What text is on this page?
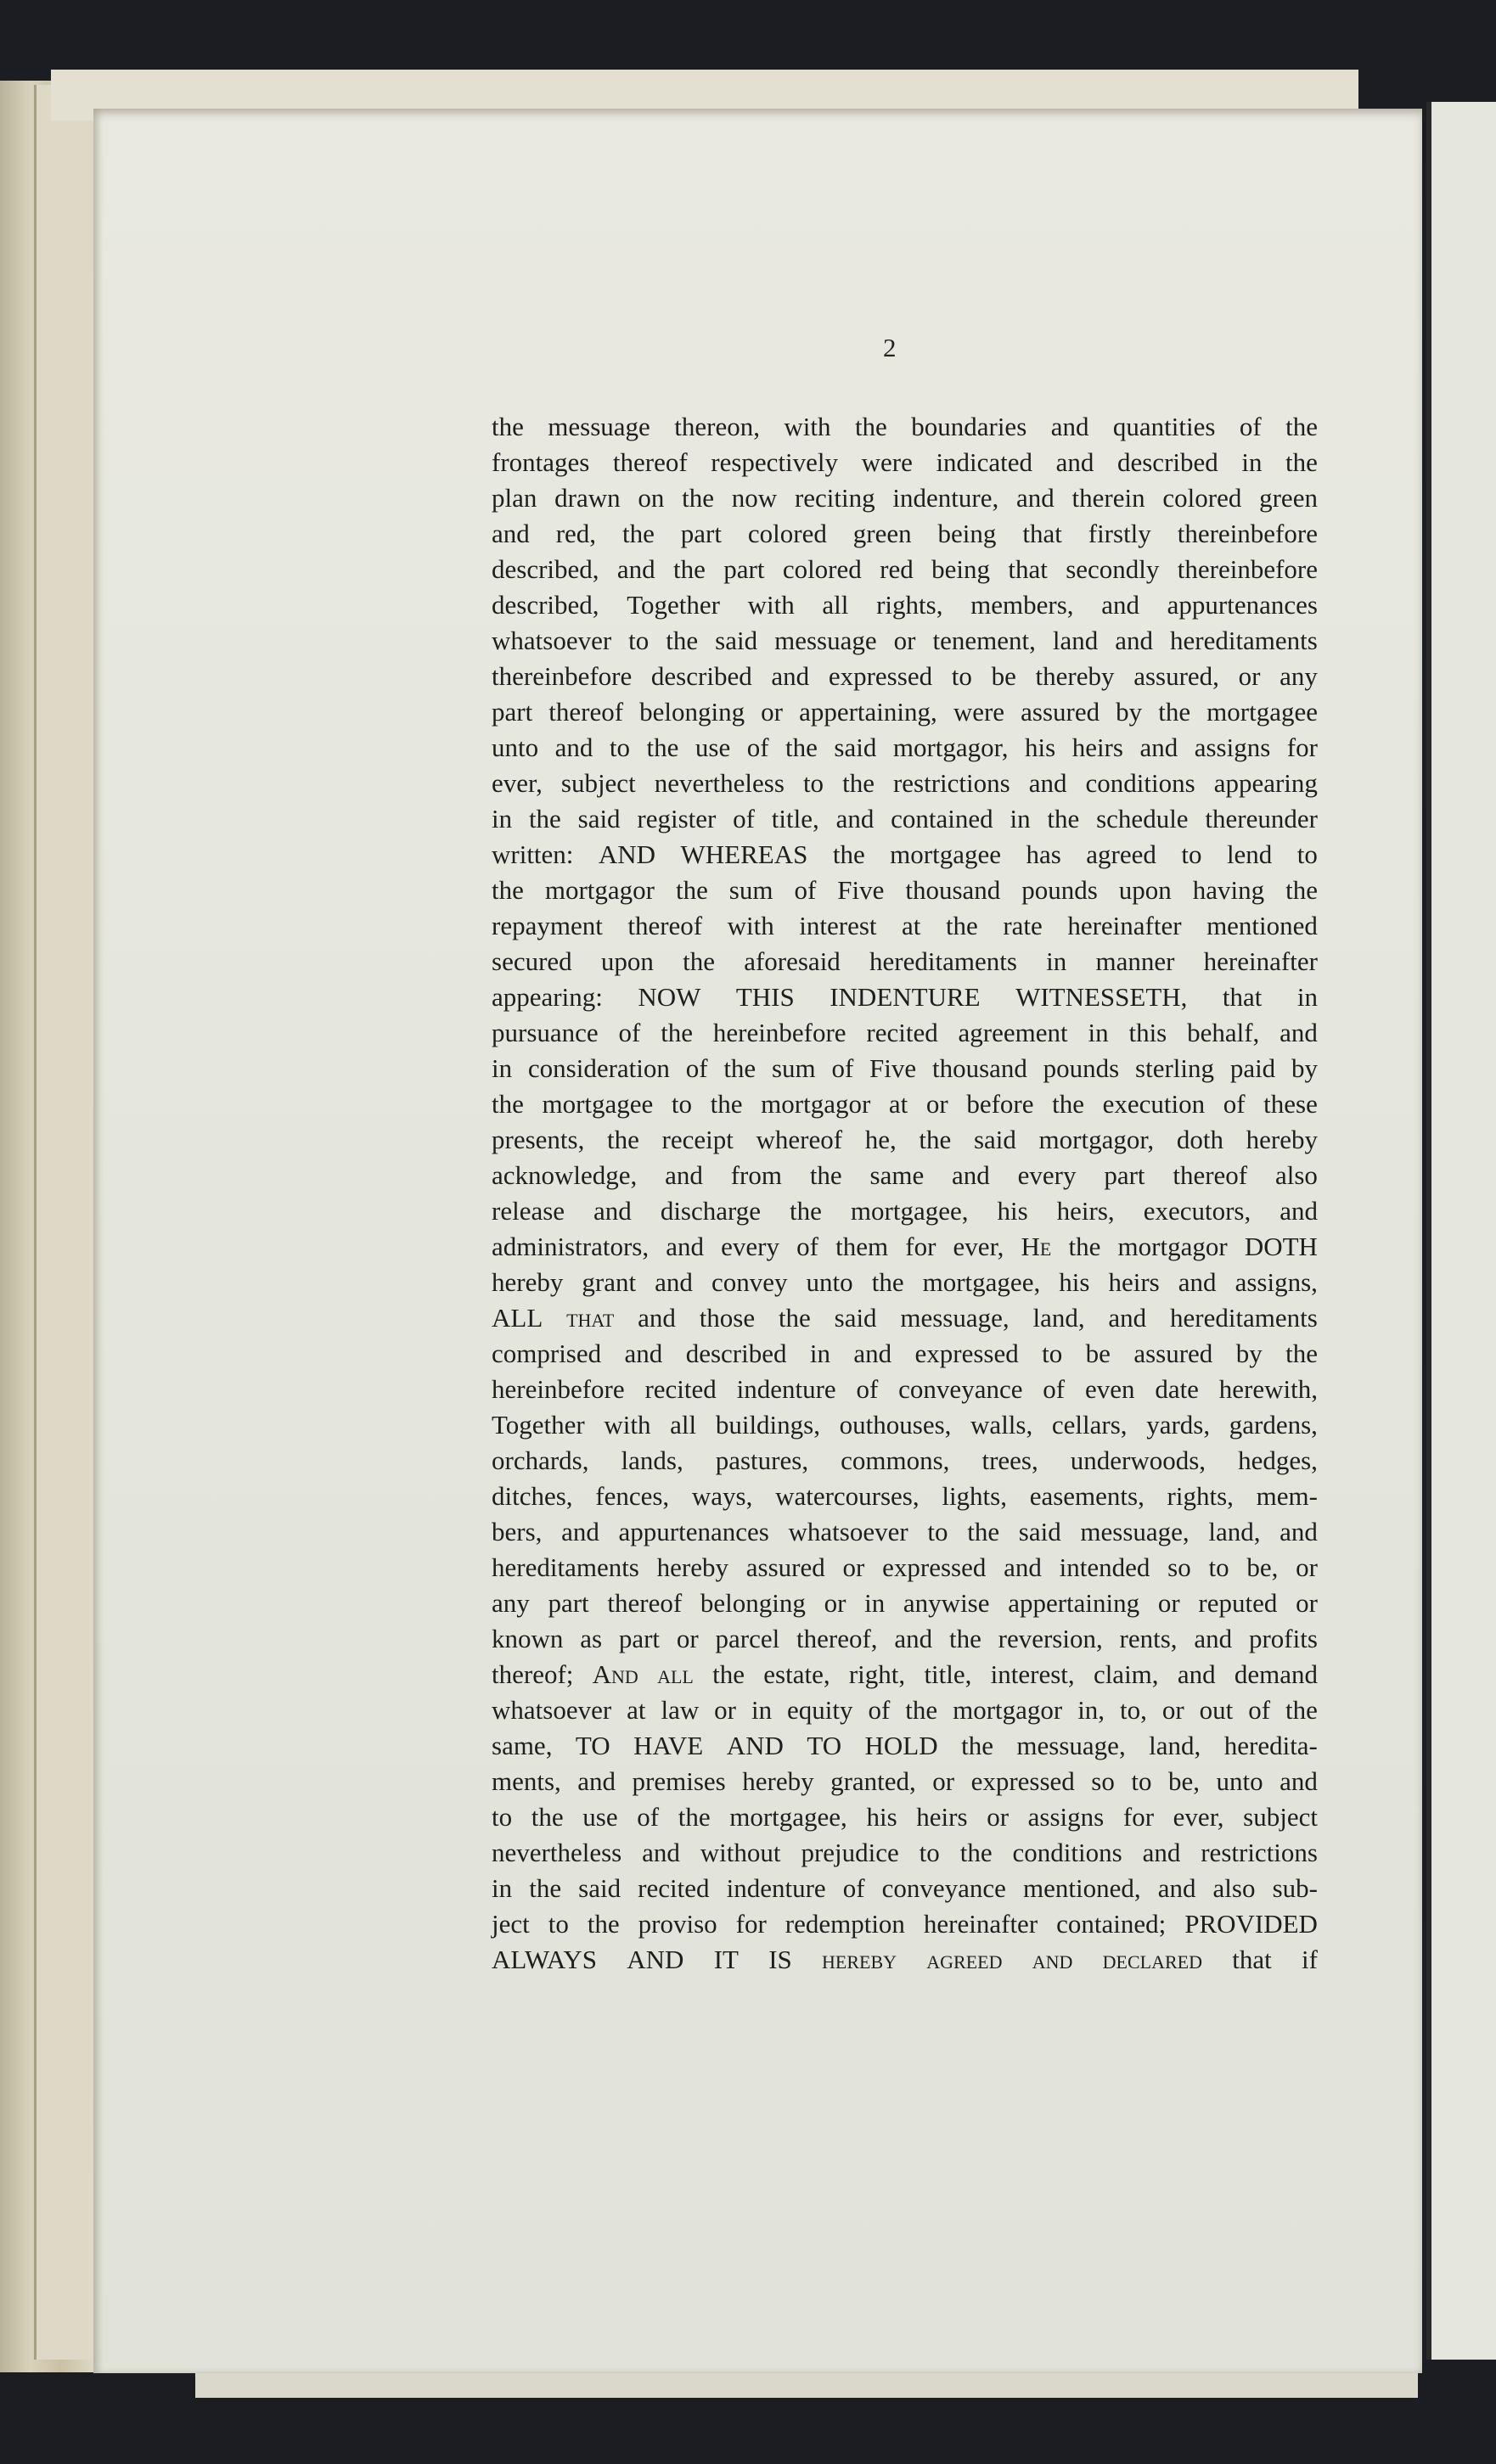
2
the messuage thereon, with the boundaries and quantities of the
frontages thereof respectively were indicated and described in the
plan drawn on the now reciting indenture, and therein colored green
and red, the part colored green being that firstly thereinbefore
described, and the part colored red being that secondly thereinbefore
described, Together with all rights, members, and appurtenances
whatsoever to the said messuage or tenement, land and hereditaments
thereinbefore described and expressed to be thereby assured, or any
part thereof belonging or appertaining, were assured by the mortgagee
unto and to the use of the said mortgagor, his heirs and assigns for
ever, subject nevertheless to the restrictions and conditions appearing
in the said register of title, and contained in the schedule thereunder
written: AND WHEREAS the mortgagee has agreed to lend to
the mortgagor the sum of Five thousand pounds upon having the
repayment thereof with interest at the rate hereinafter mentioned
secured upon the aforesaid hereditaments in manner hereinafter
appearing: NOW THIS INDENTURE WITNESSETH, that in
pursuance of the hereinbefore recited agreement in this behalf, and
in consideration of the sum of Five thousand pounds sterling paid by
the mortgagee to the mortgagor at or before the execution of these
presents, the receipt whereof he, the said mortgagor, doth hereby
acknowledge, and from the same and every part thereof also
release and discharge the mortgagee, his heirs, executors, and
administrators, and every of them for ever, He the mortgagor DOTH
hereby grant and convey unto the mortgagee, his heirs and assigns,
ALL that and those the said messuage, land, and hereditaments
comprised and described in and expressed to be assured by the
hereinbefore recited indenture of conveyance of even date herewith,
Together with all buildings, outhouses, walls, cellars, yards, gardens,
orchards, lands, pastures, commons, trees, underwoods, hedges,
ditches, fences, ways, watercourses, lights, easements, rights, mem-
bers, and appurtenances whatsoever to the said messuage, land, and
hereditaments hereby assured or expressed and intended so to be, or
any part thereof belonging or in anywise appertaining or reputed or
known as part or parcel thereof, and the reversion, rents, and profits
thereof; And all the estate, right, title, interest, claim, and demand
whatsoever at law or in equity of the mortgagor in, to, or out of the
same, TO HAVE AND TO HOLD the messuage, land, heredita-
ments, and premises hereby granted, or expressed so to be, unto and
to the use of the mortgagee, his heirs or assigns for ever, subject
nevertheless and without prejudice to the conditions and restrictions
in the said recited indenture of conveyance mentioned, and also sub-
ject to the proviso for redemption hereinafter contained; PROVIDED
ALWAYS AND IT IS hereby agreed and declared that if
